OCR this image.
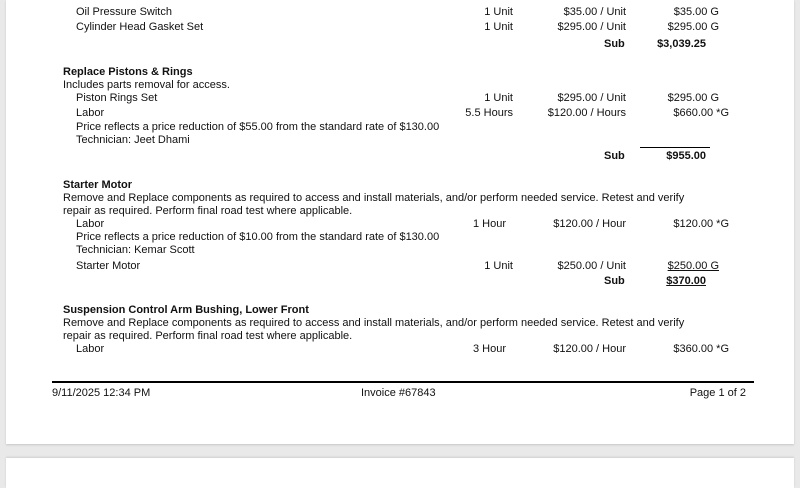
Oil Pressure Switch	1 Unit	$35.00 / Unit	$35.00 G
Cylinder Head Gasket Set	1 Unit	$295.00 / Unit	$295.00 G
Sub	$3,039.25
Replace Pistons & Rings
Includes parts removal for access.
Piston Rings Set	1 Unit	$295.00 / Unit	$295.00 G
Labor	5.5 Hours	$120.00 / Hours	$660.00 *G
Price reflects a price reduction of $55.00 from the standard rate of $130.00
Technician: Jeet Dhami
Sub	$955.00
Starter Motor
Remove and Replace components as required to access and install materials, and/or perform needed service. Retest and verify
repair as required. Perform final road test where applicable.
Labor	1 Hour	$120.00 / Hour	$120.00 *G
Price reflects a price reduction of $10.00 from the standard rate of $130.00
Technician: Kemar Scott
Starter Motor	1 Unit	$250.00 / Unit	$250.00 G
Sub	$370.00
Suspension Control Arm Bushing, Lower Front
Remove and Replace components as required to access and install materials, and/or perform needed service. Retest and verify
repair as required. Perform final road test where applicable.
Labor	3 Hour	$120.00 / Hour	$360.00 *G
9/11/2025 12:34 PM	Invoice #67843	Page 1 of 2
